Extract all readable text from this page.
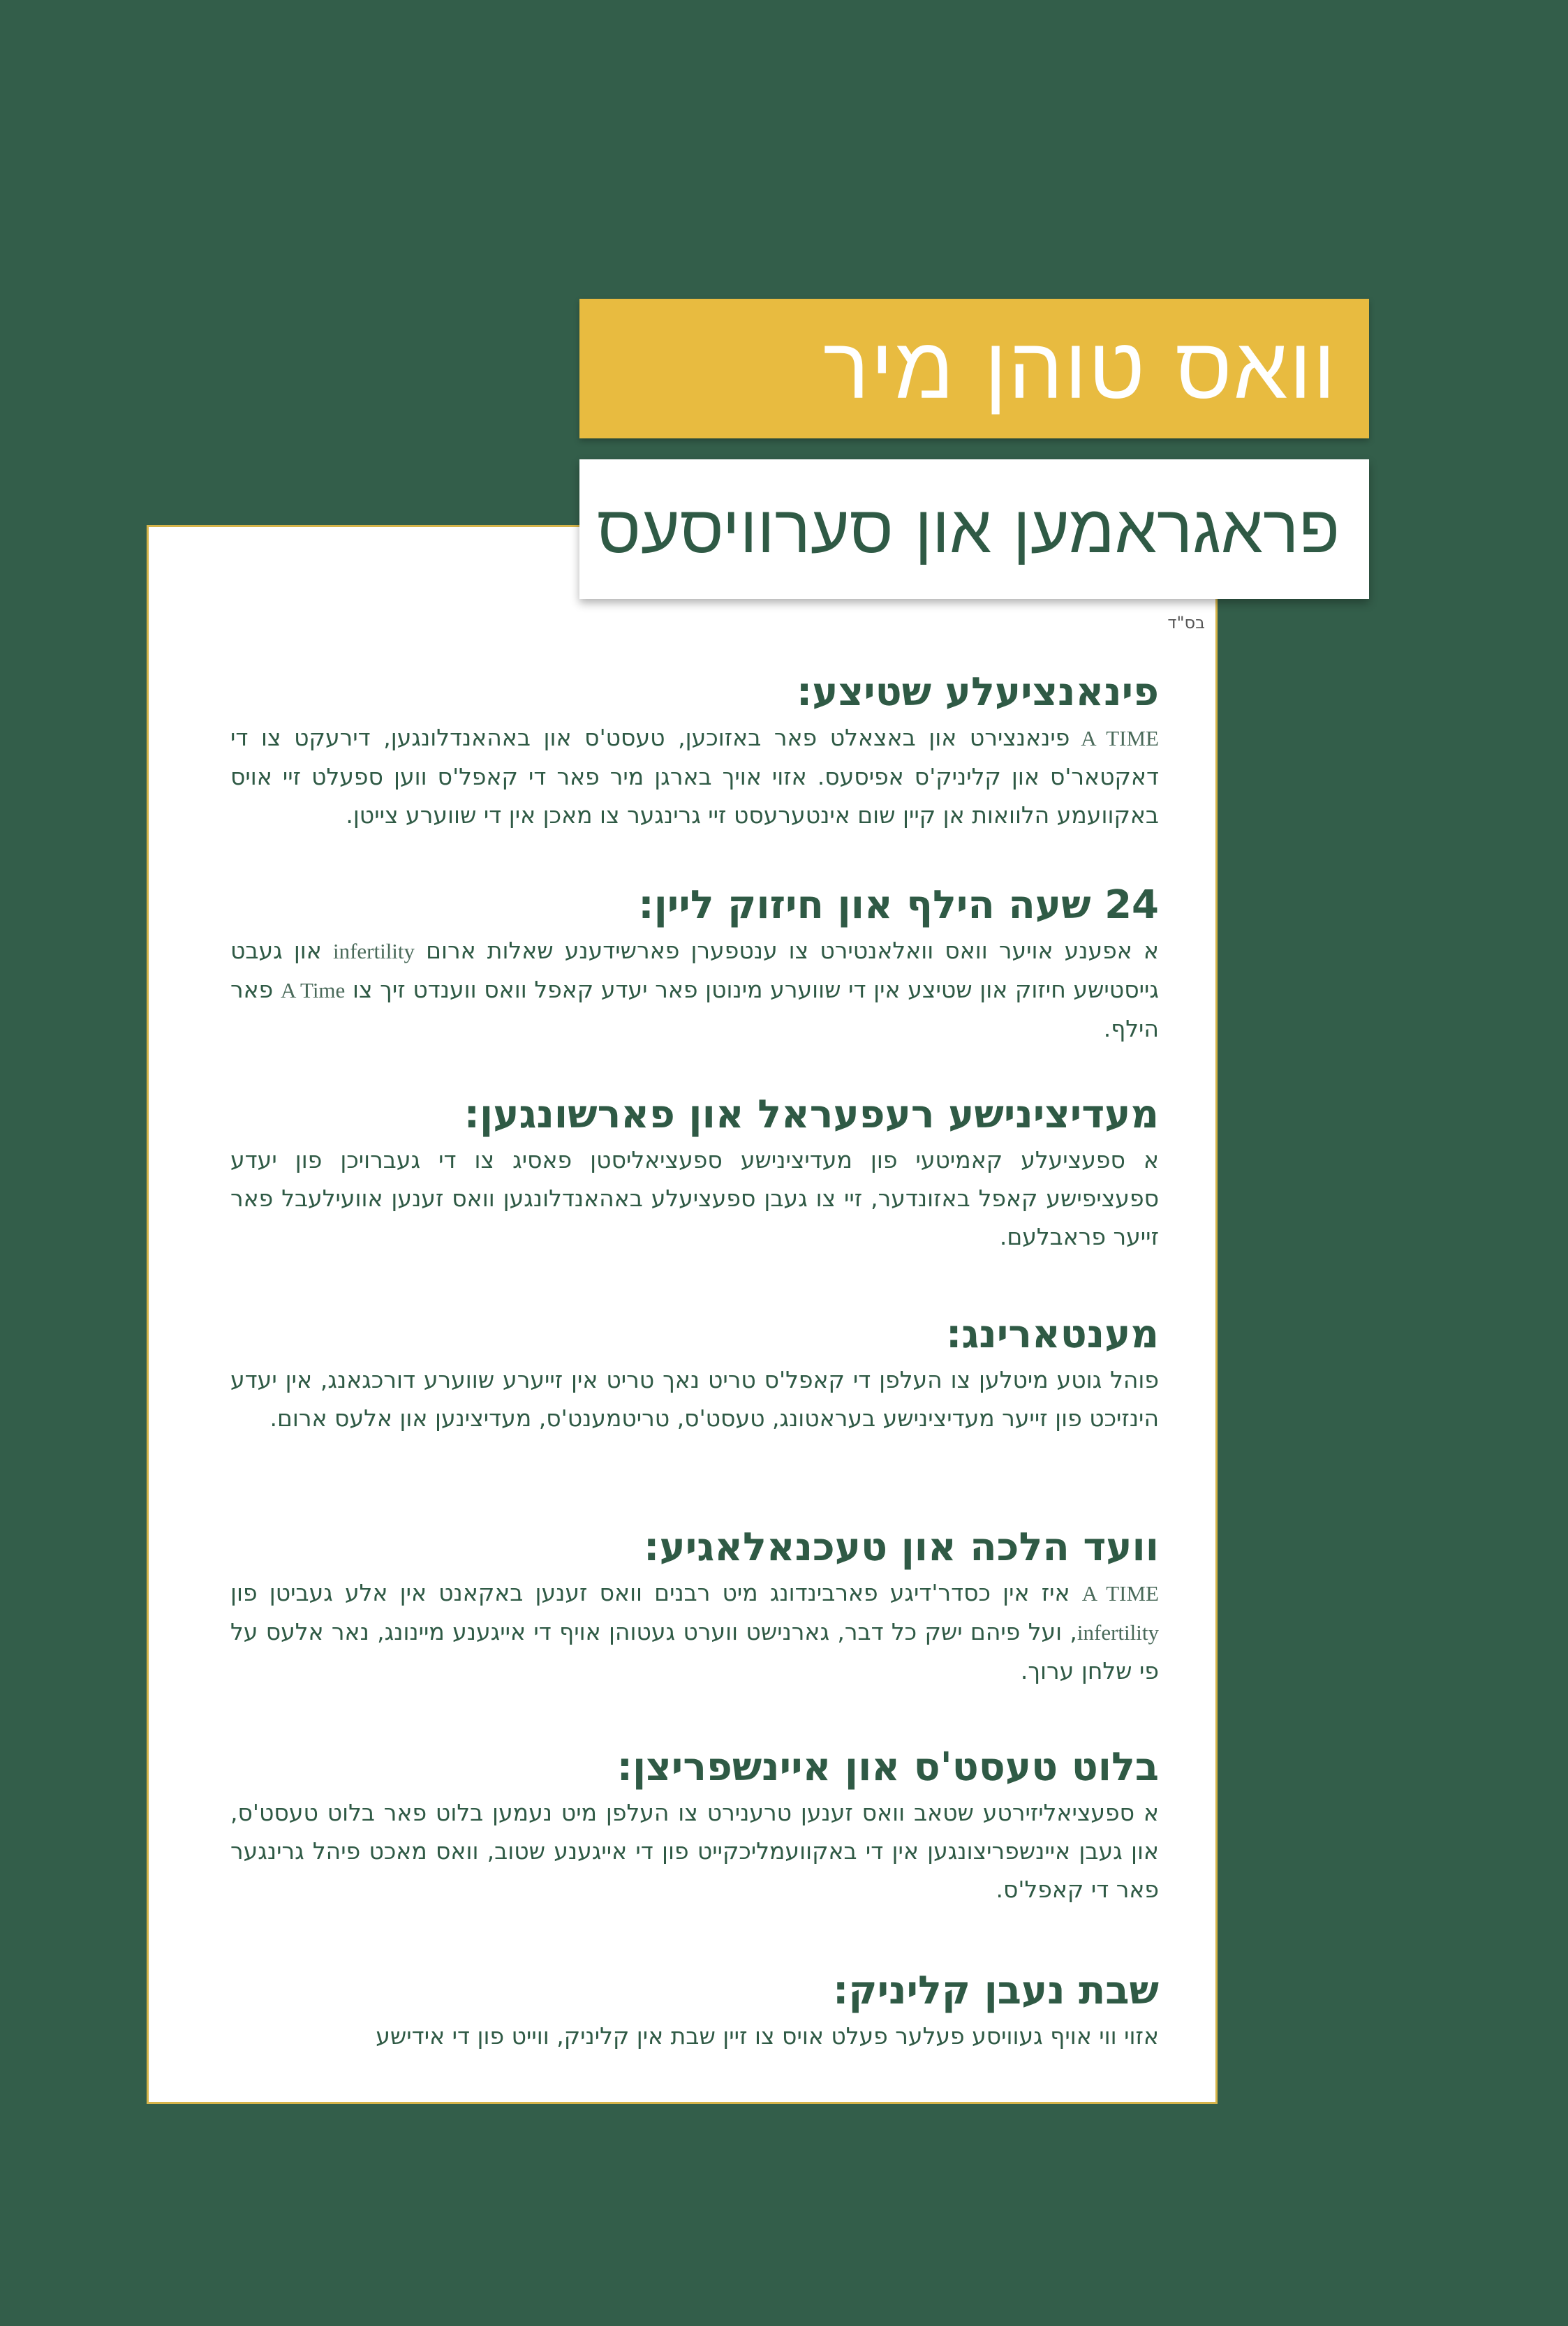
וואס טוהן מיר
פראגראמען און סערוויסעס
בס"ד
פינאנציעלע שטיצע:

A TIME פינאנצירט און באצאלט פאר באזוכען, טעסט'ס און באהאנדלונגען, דירעקט צו די דאקטאר'ס און קליניק'ס אפיסעס. אזוי אויך בארגן מיר פאר די קאפל'ס ווען ספעלט זיי אויס באקוועמע הלוואות אן קיין שום אינטערעסט זיי גרינגער צו מאכן אין די שווערע צייטן.

24 שעה הילף און חיזוק ליין:

א אפענע אויער וואס וואלאנטירט צו ענטפערן פארשידענע שאלות ארום infertility און געבט גייסטישע חיזוק און שטיצע אין די שווערע מינוטן פאר יעדע קאפל וואס ווענדט זיך צו A Time פאר הילף.

מעדיצינישע רעפעראל און פארשונגען:

א ספעציעלע קאמיטעי פון מעדיצינישע ספעציאליסטן פאסיג צו די געברויכן פון יעדע ספעציפישע קאפל באזונדער, זיי צו געבן ספעציעלע באהאנדלונגען וואס זענען אוועילעבל פאר זייער פראבלעם.

מענטארינג:

פוהל גוטע מיטלען צו העלפן די קאפל'ס טריט נאך טריט אין זייערע שווערע דורכגאנג, אין יעדע הינזיכט פון זייער מעדיצינישע בעראטונג, טעסט'ס, טריטמענט'ס, מעדיצינען און אלעס ארום.

וועד הלכה און טעכנאלאגיע:

A TIME איז אין כסדר'דיגע פארבינדונג מיט רבנים וואס זענען באקאנט אין אלע געביטן פון infertility, ועל פיהם ישק כל דבר, גארנישט ווערט געטוהן אויף די אייגענע מיינונג, נאר אלעס על פי שלחן ערוך.

בלוט טעסט'ס און איינשפריצן:

א ספעציאליזירטע שטאב וואס זענען טרענירט צו העלפן מיט נעמען בלוט פאר בלוט טעסט'ס, און געבן איינשפריצונגען אין די באקוועמליכקייט פון די אייגענע שטוב, וואס מאכט פיהל גרינגער פאר די קאפל'ס.

שבת נעבן קליניק:

אזוי ווי אויף געוויסע פעלער פעלט אויס צו זיין שבת אין קליניק, ווייט פון די אידישע
